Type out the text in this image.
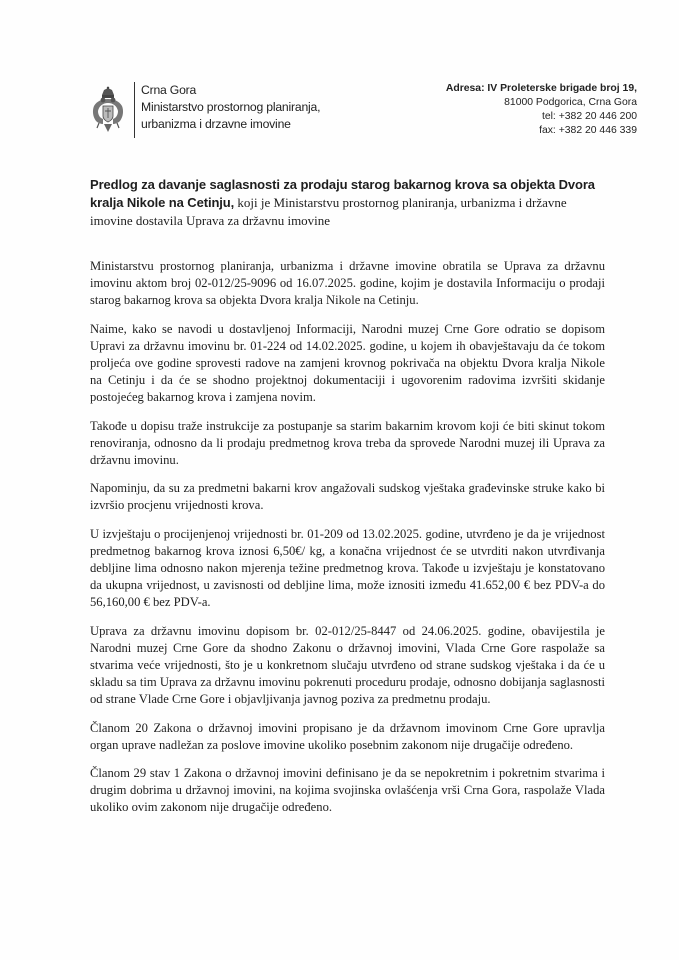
Crna Gora
Ministarstvo prostornog planiranja,
urbanizma i drzavne imovine
Adresa: IV Proleterske brigade broj 19,
81000 Podgorica, Crna Gora
tel: +382 20 446 200
fax: +382 20 446 339
Predlog za davanje saglasnosti za prodaju starog bakarnog krova sa objekta Dvora kralja Nikole na Cetinju, koji je Ministarstvu prostornog planiranja, urbanizma i državne imovine dostavila Uprava za državnu imovine

Ministarstvu prostornog planiranja, urbanizma i državne imovine obratila se Uprava za državnu imovinu aktom broj 02-012/25-9096 od 16.07.2025. godine, kojim je dostavila Informaciju o prodaji starog bakarnog krova sa objekta Dvora kralja Nikole na Cetinju.

Naime, kako se navodi u dostavljenoj Informaciji, Narodni muzej Crne Gore odratio se dopisom Upravi za državnu imovinu br. 01-224 od 14.02.2025. godine, u kojem ih obavještavaju da će tokom proljeća ove godine sprovesti radove na zamjeni krovnog pokrivača na objektu Dvora kralja Nikole na Cetinju i da će se shodno projektnoj dokumentaciji i ugovorenim radovima izvršiti skidanje postojećeg bakarnog krova i zamjena novim.

Takođe u dopisu traže instrukcije za postupanje sa starim bakarnim krovom koji će biti skinut tokom renoviranja, odnosno da li prodaju predmetnog krova treba da sprovede Narodni muzej ili Uprava za državnu imovinu.

Napominju, da su za predmetni bakarni krov angažovali sudskog vještaka građevinske struke kako bi izvršio procjenu vrijednosti krova.

U izvještaju o procijenjenoj vrijednosti br. 01-209 od 13.02.2025. godine, utvrđeno je da je vrijednost predmetnog bakarnog krova iznosi 6,50€/ kg, a konačna vrijednost će se utvrditi nakon utvrđivanja debljine lima odnosno nakon mjerenja težine predmetnog krova. Takođe u izvještaju je konstatovano da ukupna vrijednost, u zavisnosti od debljine lima, može iznositi između 41.652,00 € bez PDV-a do 56,160,00 € bez PDV-a.

Uprava za državnu imovinu dopisom br. 02-012/25-8447 od 24.06.2025. godine, obavijestila je Narodni muzej Crne Gore da shodno Zakonu o državnoj imovini, Vlada Crne Gore raspolaže sa stvarima veće vrijednosti, što je u konkretnom slučaju utvrđeno od strane sudskog vještaka i da će u skladu sa tim Uprava za državnu imovinu pokrenuti proceduru prodaje, odnosno dobijanja saglasnosti od strane Vlade Crne Gore i objavljivanja javnog poziva za predmetnu prodaju.

Članom 20 Zakona o državnoj imovini propisano je da državnom imovinom Crne Gore upravlja organ uprave nadležan za poslove imovine ukoliko posebnim zakonom nije drugačije određeno.

Članom 29 stav 1 Zakona o državnoj imovini definisano je da se nepokretnim i pokretnim stvarima i drugim dobrima u državnoj imovini, na kojima svojinska ovlašćenja vrši Crna Gora, raspolaže Vlada ukoliko ovim zakonom nije drugačije određeno.
